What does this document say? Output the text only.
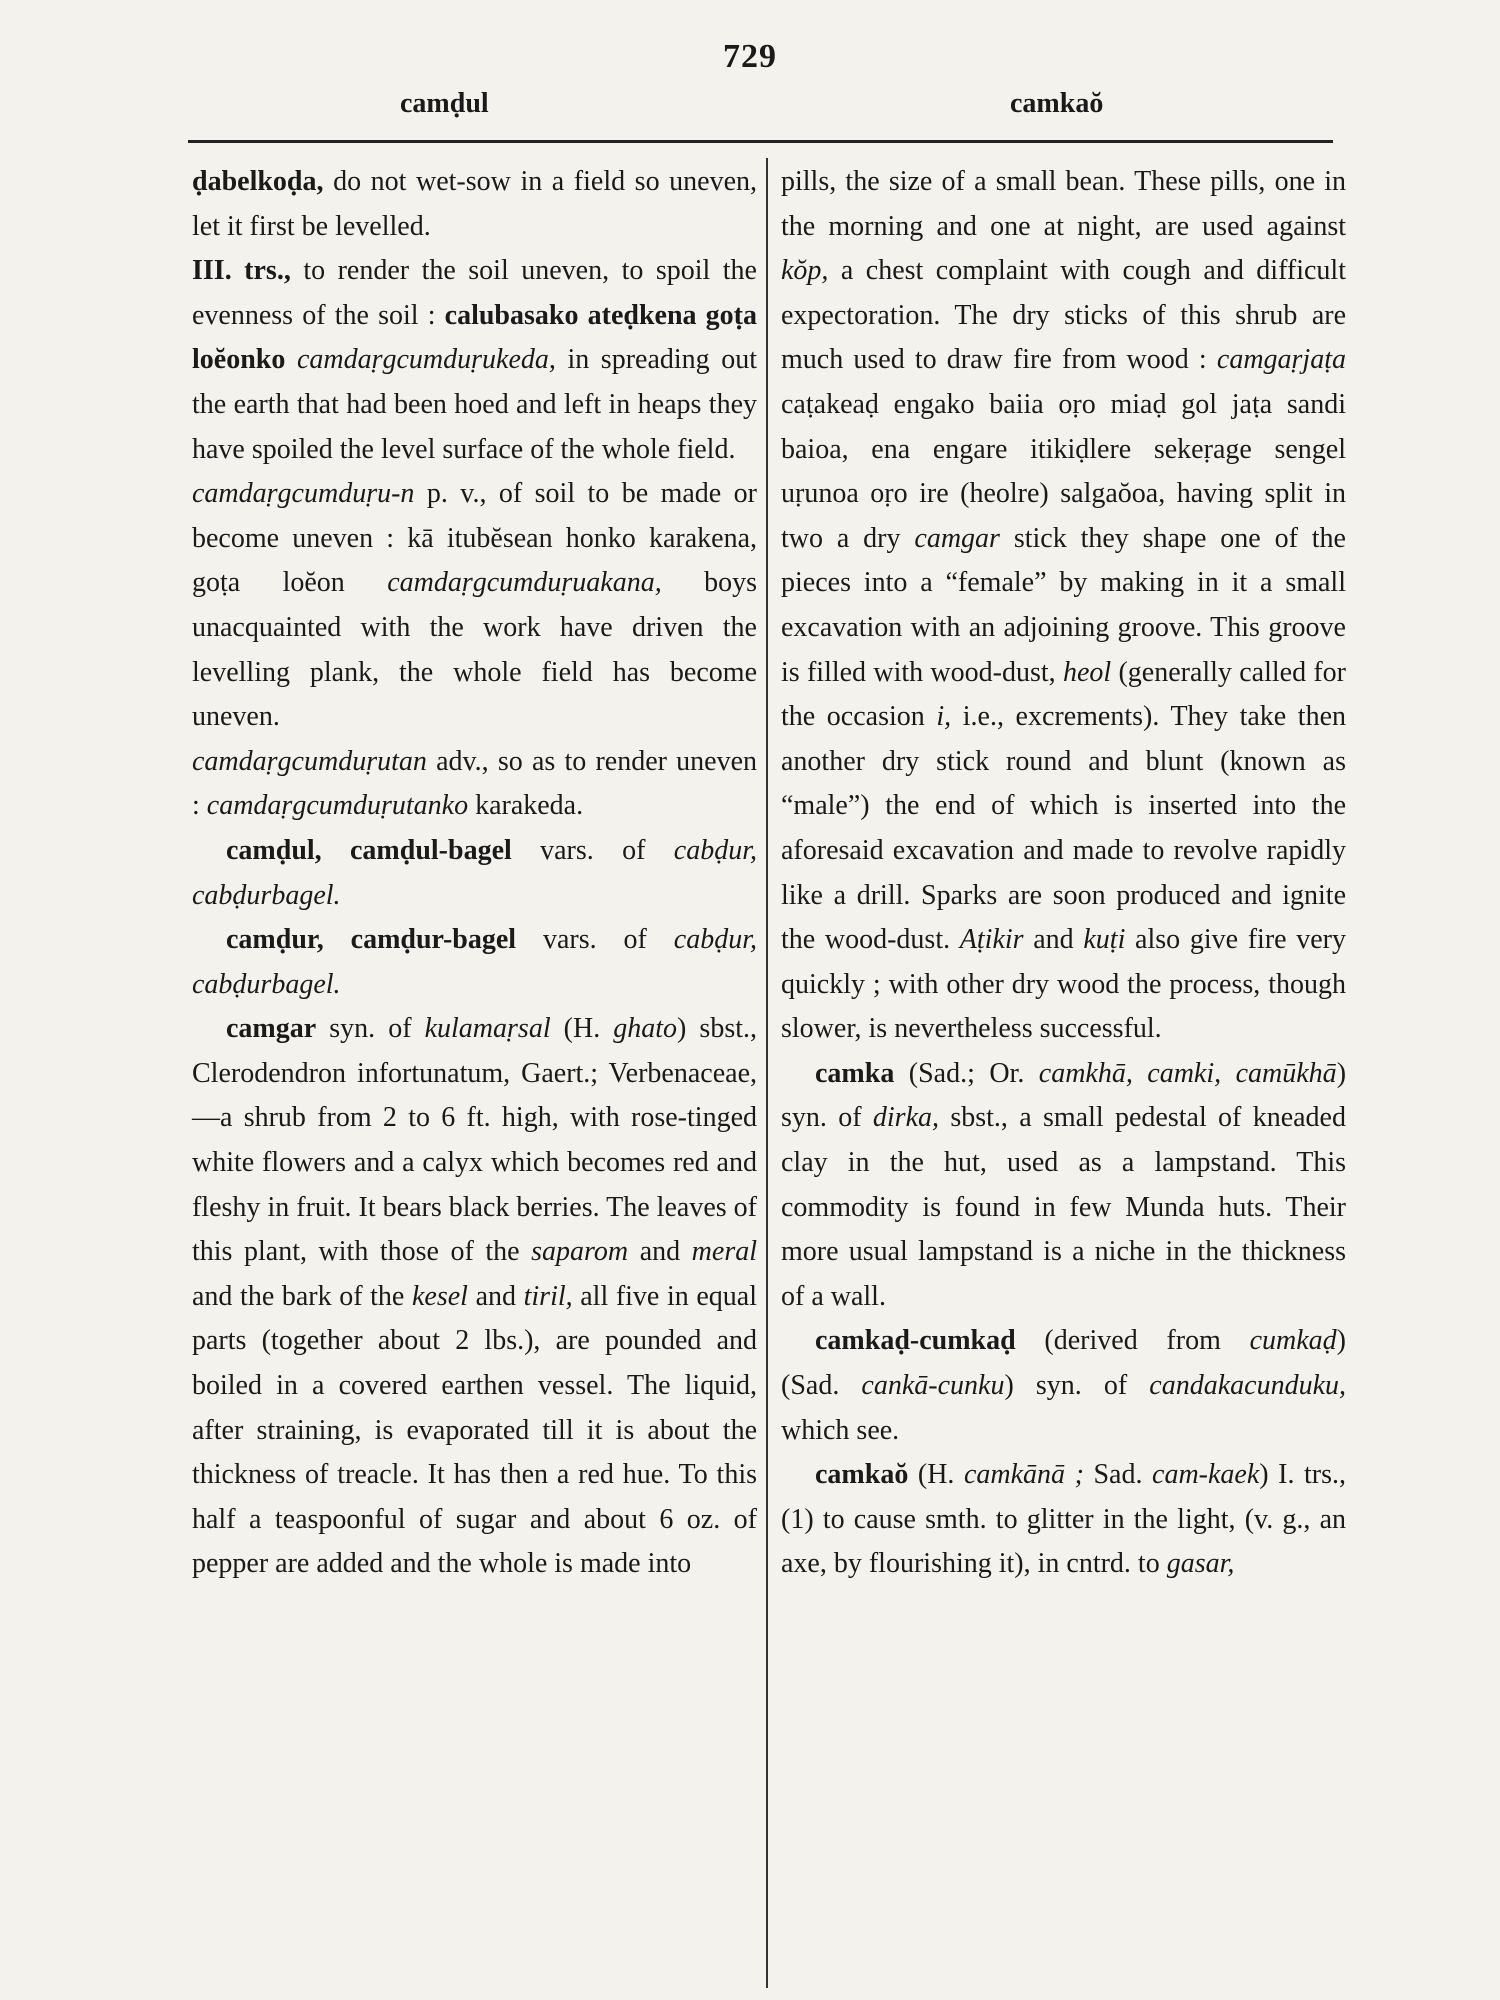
729
camḍul	camkaŏ

ḍabelkoḍa, do not wet-sow in a field so uneven, let it first be levelled.

III. trs., to render the soil uneven, to spoil the evenness of the soil : calubasako ateḍkena goṭa loĕonko camdaṛgcumduṛukeda, in spreading out the earth that had been hoed and left in heaps they have spoiled the level surface of the whole field.

camdaṛgcumduṛu-n p. v., of soil to be made or become uneven : kā itubĕsean honko karakena, goṭa loĕon camdaṛgcumduṛuakana, boys unacquainted with the work have driven the levelling plank, the whole field has become uneven.

camdaṛgcumduṛutan adv., so as to render uneven : camdaṛgcumduṛutanko karakeda.

camḍul, camḍul-bagel vars. of cabḍur, cabḍurbagel.

camḍur, camḍur-bagel vars. of cabḍur, cabḍurbagel.

camgar syn. of kulamaṛsal (H. ghato) sbst., Clerodendron infortunatum, Gaert.; Verbenaceae,—a shrub from 2 to 6 ft. high, with rose-tinged white flowers and a calyx which becomes red and fleshy in fruit. It bears black berries. The leaves of this plant, with those of the saparom and meral and the bark of the kesel and tiril, all five in equal parts (together about 2 lbs.), are pounded and boiled in a covered earthen vessel. The liquid, after straining, is evaporated till it is about the thickness of treacle. It has then a red hue. To this half a teaspoonful of sugar and about 6 oz. of pepper are added and the whole is made into

pills, the size of a small bean. These pills, one in the morning and one at night, are used against kŏp, a chest complaint with cough and difficult expectoration. The dry sticks of this shrub are much used to draw fire from wood : camgaṛjaṭa caṭakeaḍ engako baiia oṛo miaḍ gol jaṭa sandi baioa, ena engare itikiḍlere sekeṛage sengel uṛunoa oṛo ire (heolre) salgaŏoa, having split in two a dry camgar stick they shape one of the pieces into a “female” by making in it a small excavation with an adjoining groove. This groove is filled with wood-dust, heol (generally called for the occasion i, i.e., excrements). They take then another dry stick round and blunt (known as “male”) the end of which is inserted into the aforesaid excavation and made to revolve rapidly like a drill. Sparks are soon produced and ignite the wood-dust. Aṭikir and kuṭi also give fire very quickly ; with other dry wood the process, though slower, is nevertheless successful.

camka (Sad.; Or. camkhā, camki, camūkhā) syn. of dirka, sbst., a small pedestal of kneaded clay in the hut, used as a lampstand. This commodity is found in few Munda huts. Their more usual lampstand is a niche in the thickness of a wall.

camkaḍ-cumkaḍ (derived from cumkaḍ) (Sad. cankā-cunku) syn. of candakacunduku, which see.

camkaŏ (H. camkānā ; Sad. cam-kaek) I. trs., (1) to cause smth. to glitter in the light, (v. g., an axe, by flourishing it), in cntrd. to gasar,
